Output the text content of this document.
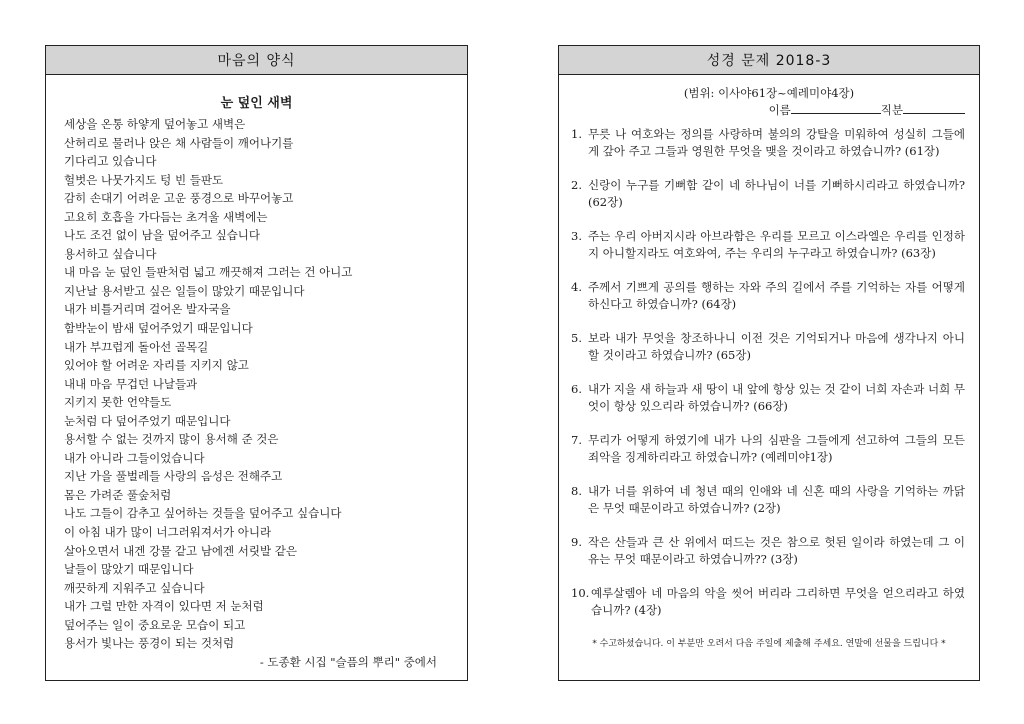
마음의 양식
눈 덮인 새벽
세상을 온통 하얗게 덮어놓고 새벽은
산허리로 물러나 앉은 채 사람들이 깨어나기를
기다리고 있습니다
헐벗은 나뭇가지도 텅 빈 들판도
감히 손대기 어려운 고운 풍경으로 바꾸어놓고
고요히 호흡을 가다듬는 초겨울 새벽에는
나도 조건 없이 남을 덮어주고 싶습니다
용서하고 싶습니다
내 마음 눈 덮인 들판처럼 넓고 깨끗해져 그러는 건 아니고
지난날 용서받고 싶은 일들이 많았기 때문입니다
내가 비틀거리며 걸어온 발자국을
함박눈이 밤새 덮어주었기 때문입니다
내가 부끄럽게 돌아선 골목길
있어야 할 어려운 자리를 지키지 않고
내내 마음 무겁던 나날들과
지키지 못한 언약들도
눈처럼 다 덮어주었기 때문입니다
용서할 수 없는 것까지 많이 용서해 준 것은
내가 아니라 그들이었습니다
지난 가을 풀벌레들 사랑의 음성은 전해주고
몸은 가려준 풀숲처럼
나도 그들이 감추고 싶어하는 것들을 덮어주고 싶습니다
이 아침 내가 많이 너그러워져서가 아니라
살아오면서 내겐 강물 같고 남에겐 서릿발 같은
날들이 많았기 때문입니다
깨끗하게 지워주고 싶습니다
내가 그럴 만한 자격이 있다면 저 눈처럼
덮어주는 일이 중요로운 모습이 되고
용서가 빛나는 풍경이 되는 것처럼
- 도종환 시집 "슬픔의 뿌리" 중에서
성경 문제 2018-3
(범위: 이사야61장~예레미야4장)
이름	직분
1. 무릇 나 여호와는 정의를 사랑하며 불의의 강탈을 미워하여 성실히 그들에게 갚아 주고 그들과 영원한 무엇을 맺을 것이라고 하였습니까? (61장)
2. 신랑이 누구를 기뻐함 같이 네 하나님이 너를 기뻐하시리라고 하였습니까? (62장)
3. 주는 우리 아버지시라 아브라함은 우리를 모르고 이스라엘은 우리를 인정하지 아니할지라도 여호와여, 주는 우리의 누구라고 하였습니까? (63장)
4. 주께서 기쁘게 공의를 행하는 자와 주의 길에서 주를 기억하는 자를 어떻게 하신다고 하였습니까? (64장)
5. 보라 내가 무엇을 창조하나니 이전 것은 기억되거나 마음에 생각나지 아니할 것이라고 하였습니까? (65장)
6. 내가 지을 새 하늘과 새 땅이 내 앞에 항상 있는 것 같이 너희 자손과 너희 무엇이 항상 있으리라 하였습니까? (66장)
7. 무리가 어떻게 하였기에 내가 나의 심판을 그들에게 선고하여 그들의 모든 죄악을 징계하리라고 하였습니까? (예레미야1장)
8. 내가 너를 위하여 네 청년 때의 인애와 네 신혼 때의 사랑을 기억하는 까닭은 무엇 때문이라고 하였습니까? (2장)
9. 작은 산들과 큰 산 위에서 떠드는 것은 참으로 헛된 일이라 하였는데 그 이유는 무엇 때문이라고 하였습니까?? (3장)
10. 예루살렘아 네 마음의 악을 씻어 버리라 그리하면 무엇을 얻으리라고 하였습니까? (4장)
* 수고하셨습니다. 이 부분만 오려서 다음 주일에 제출해 주세요. 연말에 선물을 드립니다 *
